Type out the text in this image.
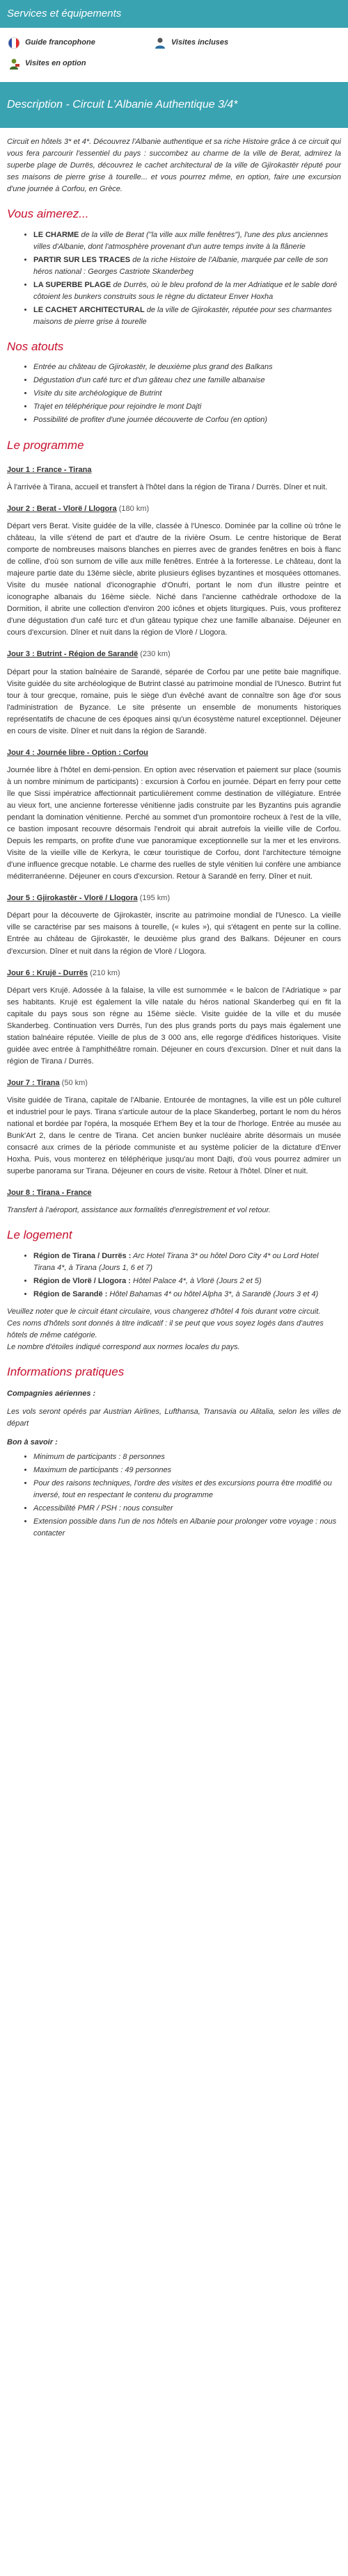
Services et équipements
Guide francophone	Visites incluses
Visites en option
Description - Circuit L'Albanie Authentique 3/4*

Circuit en hôtels 3* et 4*. Découvrez l'Albanie authentique et sa riche Histoire grâce à ce circuit qui vous fera parcourir l'essentiel du pays : succombez au charme de la ville de Berat, admirez la superbe plage de Durrës, découvrez le cachet architectural de la ville de Gjirokastër réputé pour ses maisons de pierre grise à tourelle... et vous pourrez même, en option, faire une excursion d'une journée à Corfou, en Grèce.

Vous aimerez...
• LE CHARME de la ville de Berat ("la ville aux mille fenêtres"), l'une des plus anciennes villes d'Albanie, dont l'atmosphère provenant d'un autre temps invite à la flânerie
• PARTIR SUR LES TRACES de la riche Histoire de l'Albanie, marquée par celle de son héros national : Georges Castriote Skanderbeg
• LA SUPERBE PLAGE de Durrës, où le bleu profond de la mer Adriatique et le sable doré côtoient les bunkers construits sous le règne du dictateur Enver Hoxha
• LE CACHET ARCHITECTURAL de la ville de Gjirokastër, réputée pour ses charmantes maisons de pierre grise à tourelle
Nos atouts
• Entrée au château de Gjirokastër, le deuxième plus grand des Balkans
• Dégustation d'un café turc et d'un gâteau chez une famille albanaise
• Visite du site archéologique de Butrint
• Trajet en téléphérique pour rejoindre le mont Dajti
• Possibilité de profiter d'une journée découverte de Corfou (en option)
Le programme
Jour 1 : France - Tirana

À l'arrivée à Tirana, accueil et transfert à l'hôtel dans la région de Tirana / Durrës. Dîner et nuit.

Jour 2 : Berat - Vlorë / Llogora (180 km)

Départ vers Berat. Visite guidée de la ville, classée à l'Unesco. Dominée par la colline où trône le château, la ville s'étend de part et d'autre de la rivière Osum. Le centre historique de Berat comporte de nombreuses maisons blanches en pierres avec de grandes fenêtres en bois à flanc de colline, d'où son surnom de ville aux mille fenêtres. Entrée à la forteresse. Le château, dont la majeure partie date du 13ème siècle, abrite plusieurs églises byzantines et mosquées ottomanes. Visite du musée national d'iconographie d'Onufri, portant le nom d'un illustre peintre et iconographe albanais du 16ème siècle. Niché dans l'ancienne cathédrale orthodoxe de la Dormition, il abrite une collection d'environ 200 icônes et objets liturgiques. Puis, vous profiterez d'une dégustation d'un café turc et d'un gâteau typique chez une famille albanaise. Déjeuner en cours d'excursion. Dîner et nuit dans la région de Vlorë / Llogora.

Jour 3 : Butrint - Région de Sarandë (230 km)

Départ pour la station balnéaire de Sarandë, séparée de Corfou par une petite baie magnifique. Visite guidée du site archéologique de Butrint classé au patrimoine mondial de l'Unesco. Butrint fut tour à tour grecque, romaine, puis le siège d'un évêché avant de connaître son âge d'or sous l'administration de Byzance. Le site présente un ensemble de monuments historiques représentatifs de chacune de ces époques ainsi qu'un écosystème naturel exceptionnel. Déjeuner en cours de visite. Dîner et nuit dans la région de Sarandë.

Jour 4 : Journée libre - Option : Corfou

Journée libre à l'hôtel en demi-pension. En option avec réservation et paiement sur place (soumis à un nombre minimum de participants) : excursion à Corfou en journée. Départ en ferry pour cette île que Sissi impératrice affectionnait particulièrement comme destination de villégiature. Entrée au vieux fort, une ancienne forteresse vénitienne jadis construite par les Byzantins puis agrandie pendant la domination vénitienne. Perché au sommet d'un promontoire rocheux à l'est de la ville, ce bastion imposant recouvre désormais l'endroit qui abrait autrefois la vieille ville de Corfou. Depuis les remparts, on profite d'une vue panoramique exceptionnelle sur la mer et les environs. Visite de la vieille ville de Kerkyra, le cœur touristique de Corfou, dont l'architecture témoigne d'une influence grecque notable. Le charme des ruelles de style vénitien lui confère une ambiance méditerranéenne. Déjeuner en cours d'excursion. Retour à Sarandë en ferry. Dîner et nuit.

Jour 5 : Gjirokastër - Vlorë / Llogora (195 km)

Départ pour la découverte de Gjirokastër, inscrite au patrimoine mondial de l'Unesco. La vieille ville se caractérise par ses maisons à tourelle, (« kules »), qui s'étagent en pente sur la colline. Entrée au château de Gjirokastër, le deuxième plus grand des Balkans. Déjeuner en cours d'excursion. Dîner et nuit dans la région de Vlorë / Llogora.

Jour 6 : Krujë - Durrës (210 km)

Départ vers Krujë. Adossée à la falaise, la ville est surnommée « le balcon de l'Adriatique » par ses habitants. Krujë est également la ville natale du héros national Skanderbeg qui en fit la capitale du pays sous son règne au 15ème siècle. Visite guidée de la ville et du musée Skanderbeg. Continuation vers Durrës, l'un des plus grands ports du pays mais également une station balnéaire réputée. Vieille de plus de 3 000 ans, elle regorge d'édifices historiques. Visite guidée avec entrée à l'amphithéâtre romain. Déjeuner en cours d'excursion. Dîner et nuit dans la région de Tirana / Durrës.

Jour 7 : Tirana (50 km)

Visite guidée de Tirana, capitale de l'Albanie. Entourée de montagnes, la ville est un pôle culturel et industriel pour le pays. Tirana s'articule autour de la place Skanderbeg, portant le nom du héros national et bordée par l'opéra, la mosquée Et'hem Bey et la tour de l'horloge. Entrée au musée au Bunk'Art 2, dans le centre de Tirana. Cet ancien bunker nucléaire abrite désormais un musée consacré aux crimes de la période communiste et au système policier de la dictature d'Enver Hoxha. Puis, vous monterez en téléphérique jusqu'au mont Dajti, d'où vous pourrez admirer un superbe panorama sur Tirana. Déjeuner en cours de visite. Retour à l'hôtel. Dîner et nuit.

Jour 8 : Tirana - France

Transfert à l'aéroport, assistance aux formalités d'enregistrement et vol retour.

Le logement
• Région de Tirana / Durrës : Arc Hotel Tirana 3* ou hôtel Doro City 4* ou Lord Hotel Tirana 4*, à Tirana (Jours 1, 6 et 7)
• Région de Vlorë / Llogora : Hôtel Palace 4*, à Vlorë (Jours 2 et 5)
• Région de Sarandë : Hôtel Bahamas 4* ou hôtel Alpha 3*, à Sarandë (Jours 3 et 4)
Veuillez noter que le circuit étant circulaire, vous changerez d'hôtel 4 fois durant votre circuit.
Ces noms d'hôtels sont donnés à titre indicatif : il se peut que vous soyez logés dans d'autres hôtels de même catégorie.
Le nombre d'étoiles indiqué correspond aux normes locales du pays.
Informations pratiques
Compagnies aériennes :

Les vols seront opérés par Austrian Airlines, Lufthansa, Transavia ou Alitalia, selon les villes de départ

Bon à savoir :
• Minimum de participants : 8 personnes
• Maximum de participants : 49 personnes
• Pour des raisons techniques, l'ordre des visites et des excursions pourra être modifié ou inversé, tout en respectant le contenu du programme
• Accessibilité PMR / PSH : nous consulter
• Extension possible dans l'un de nos hôtels en Albanie pour prolonger votre voyage : nous contacter
